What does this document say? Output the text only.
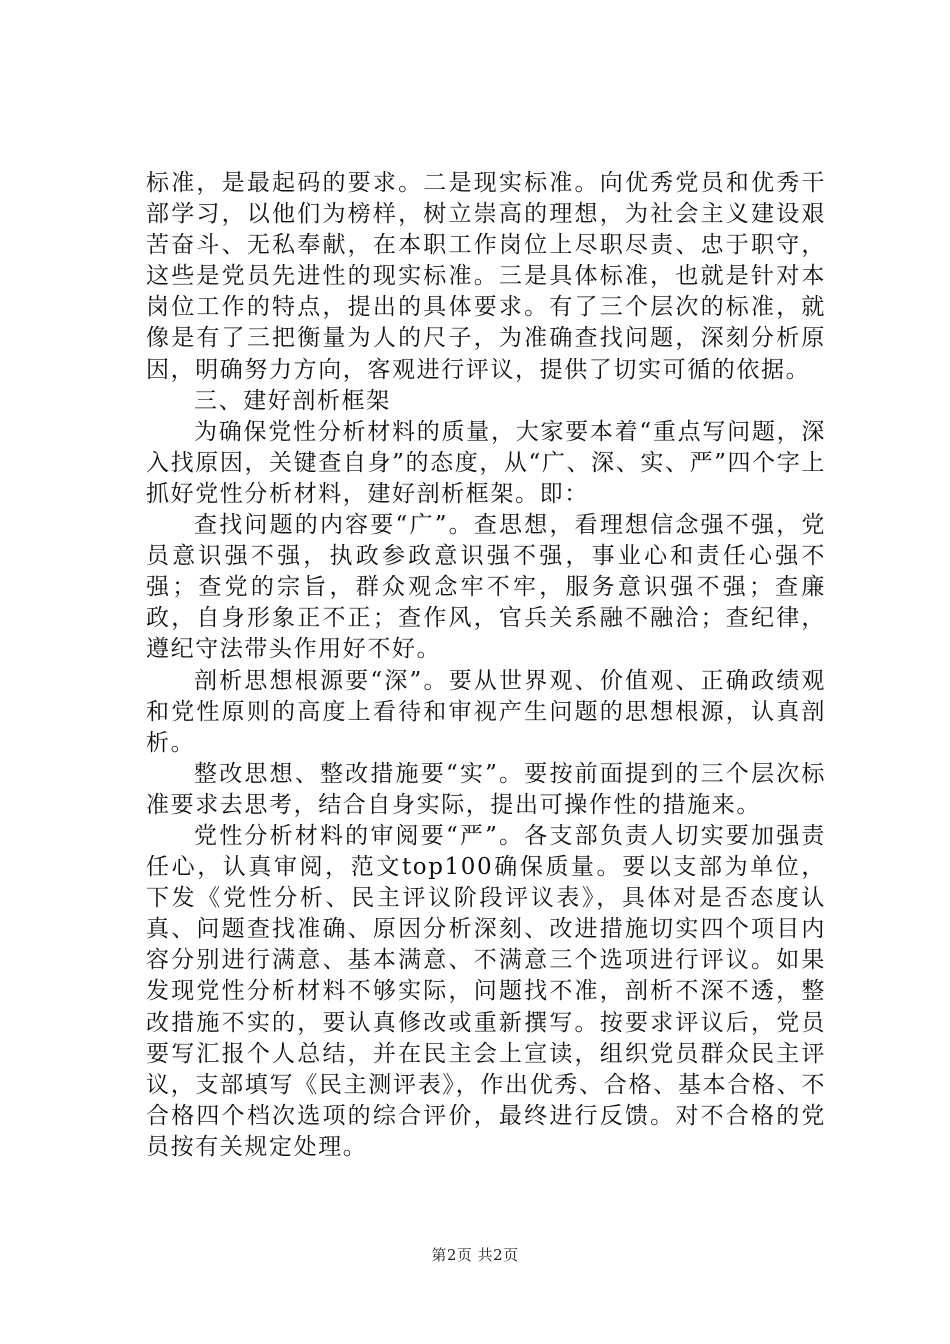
标准，是最起码的要求。二是现实标准。向优秀党员和优秀干部学习，以他们为榜样，树立崇高的理想，为社会主义建设艰苦奋斗、无私奉献，在本职工作岗位上尽职尽责、忠于职守，这些是党员先进性的现实标准。三是具体标准，也就是针对本岗位工作的特点，提出的具体要求。有了三个层次的标准，就像是有了三把衡量为人的尺子，为准确查找问题，深刻分析原因，明确努力方向，客观进行评议，提供了切实可循的依据。

三、建好剖析框架

为确保党性分析材料的质量，大家要本着“重点写问题，深入找原因，关键查自身”的态度，从“广、深、实、严”四个字上抓好党性分析材料，建好剖析框架。即：

查找问题的内容要“广”。查思想，看理想信念强不强，党员意识强不强，执政参政意识强不强，事业心和责任心强不强；查党的宗旨，群众观念牢不牢，服务意识强不强；查廉政，自身形象正不正；查作风，官兵关系融不融洽；查纪律，遵纪守法带头作用好不好。

剖析思想根源要“深”。要从世界观、价值观、正确政绩观和党性原则的高度上看待和审视产生问题的思想根源，认真剖析。

整改思想、整改措施要“实”。要按前面提到的三个层次标准要求去思考，结合自身实际，提出可操作性的措施来。

党性分析材料的审阅要“严”。各支部负责人切实要加强责任心，认真审阅，范文top100确保质量。要以支部为单位，下发《党性分析、民主评议阶段评议表》，具体对是否态度认真、问题查找准确、原因分析深刻、改进措施切实四个项目内容分别进行满意、基本满意、不满意三个选项进行评议。如果发现党性分析材料不够实际，问题找不准，剖析不深不透，整改措施不实的，要认真修改或重新撰写。按要求评议后，党员要写汇报个人总结，并在民主会上宣读，组织党员群众民主评议，支部填写《民主测评表》，作出优秀、合格、基本合格、不合格四个档次选项的综合评价，最终进行反馈。对不合格的党员按有关规定处理。

第2页 共2页
